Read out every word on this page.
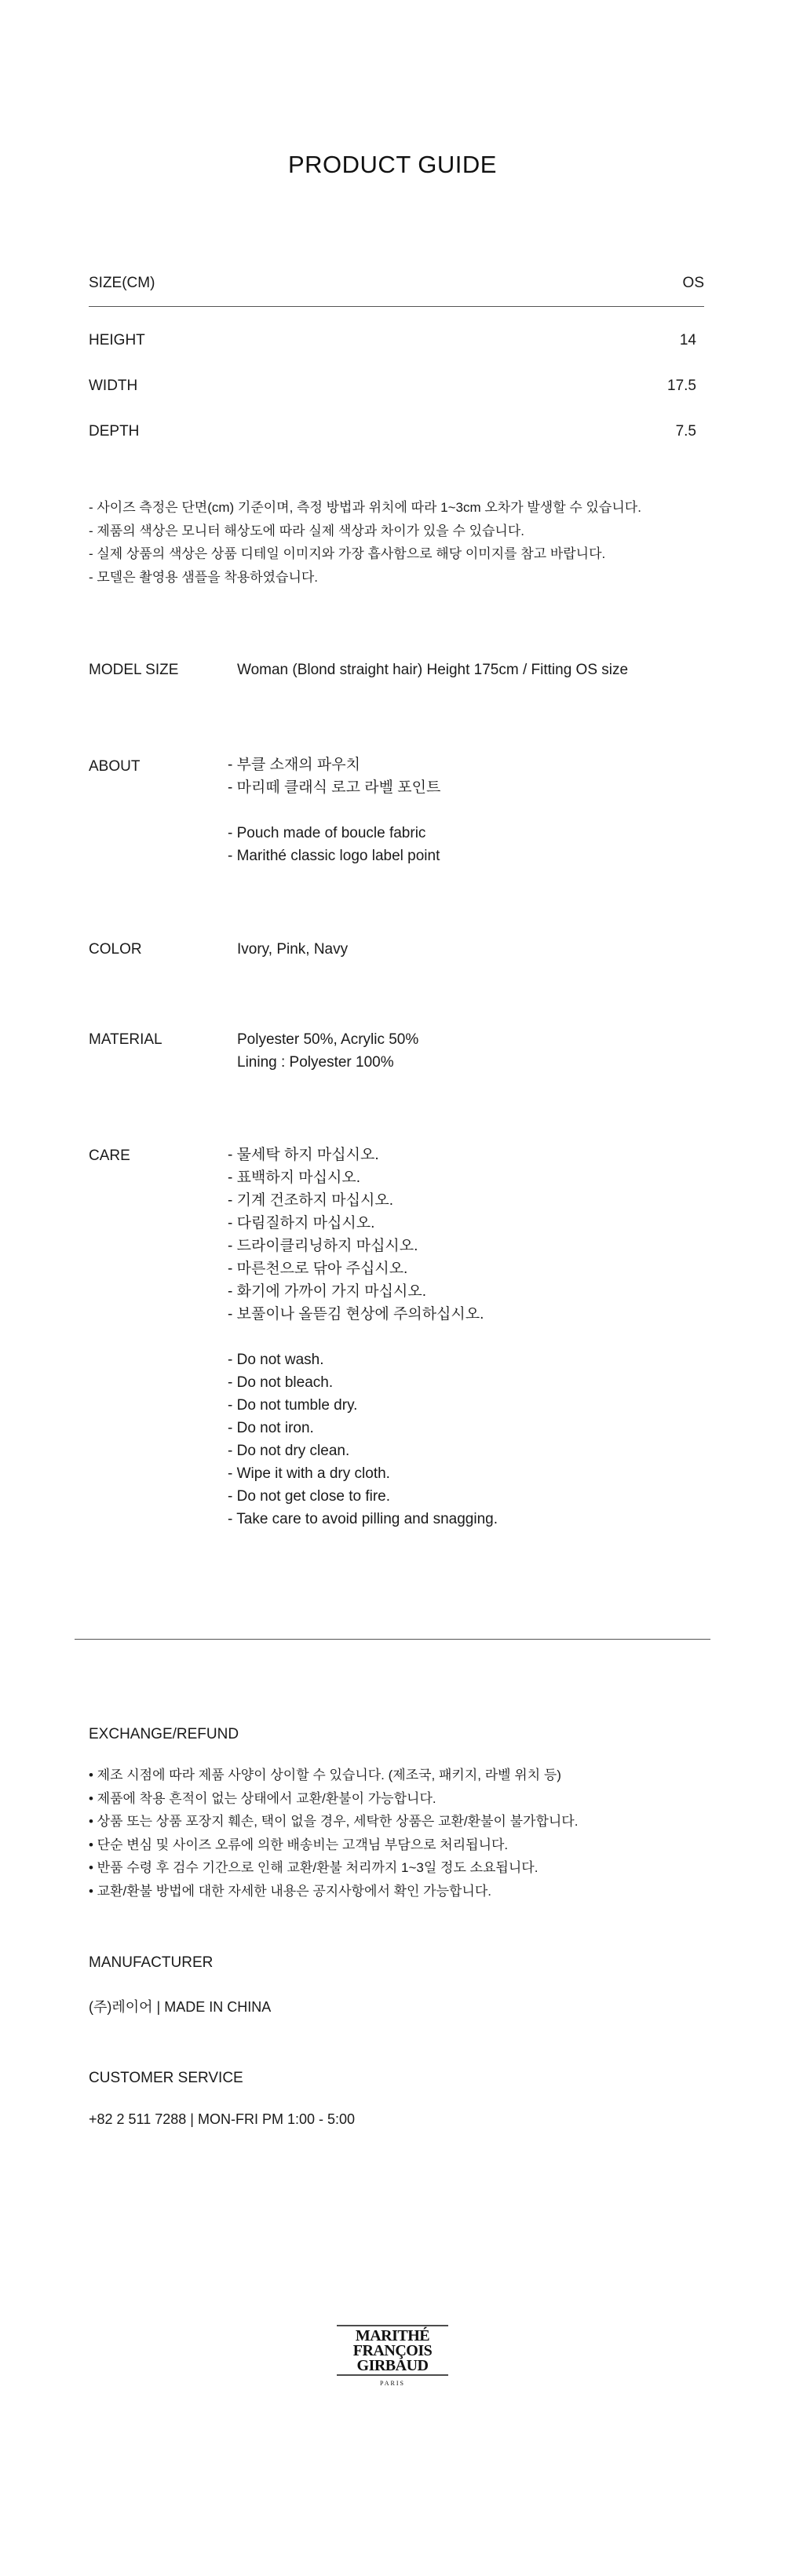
PRODUCT GUIDE
SIZE(CM)	OS
HEIGHT	14
WIDTH	17.5
DEPTH	7.5
- 사이즈 측정은 단면(cm) 기준이며, 측정 방법과 위치에 따라 1~3cm 오차가 발생할 수 있습니다.
- 제품의 색상은 모니터 해상도에 따라 실제 색상과 차이가 있을 수 있습니다.
- 실제 상품의 색상은 상품 디테일 이미지와 가장 흡사함으로 해당 이미지를 참고 바랍니다.
- 모델은 촬영용 샘플을 착용하였습니다.
MODEL SIZE	Woman (Blond straight hair) Height 175cm / Fitting OS size
ABOUT	- 부클 소재의 파우치
- 마리떼 클래식 로고 라벨 포인트
- Pouch made of boucle fabric
- Marithé classic logo label point
COLOR	Ivory, Pink, Navy
MATERIAL	Polyester 50%, Acrylic 50%
Lining : Polyester 100%
CARE	- 물세탁 하지 마십시오.
- 표백하지 마십시오.
- 기계 건조하지 마십시오.
- 다림질하지 마십시오.
- 드라이클리닝하지 마십시오.
- 마른천으로 닦아 주십시오.
- 화기에 가까이 가지 마십시오.
- 보풀이나 올뜯김 현상에 주의하십시오.
- Do not wash.
- Do not bleach.
- Do not tumble dry.
- Do not iron.
- Do not dry clean.
- Wipe it with a dry cloth.
- Do not get close to fire.
- Take care to avoid pilling and snagging.
EXCHANGE/REFUND
• 제조 시점에 따라 제품 사양이 상이할 수 있습니다. (제조국, 패키지, 라벨 위치 등)
• 제품에 착용 흔적이 없는 상태에서 교환/환불이 가능합니다.
• 상품 또는 상품 포장지 훼손, 택이 없을 경우, 세탁한 상품은 교환/환불이 불가합니다.
• 단순 변심 및 사이즈 오류에 의한 배송비는 고객님 부담으로 처리됩니다.
• 반품 수령 후 검수 기간으로 인해 교환/환불 처리까지 1~3일 정도 소요됩니다.
• 교환/환불 방법에 대한 자세한 내용은 공지사항에서 확인 가능합니다.
MANUFACTURER
(주)레이어 | MADE IN CHINA
CUSTOMER SERVICE
+82 2 511 7288 | MON-FRI PM 1:00 - 5:00
MARITHÉ
FRANÇOIS
GIRBAUD
PARIS
